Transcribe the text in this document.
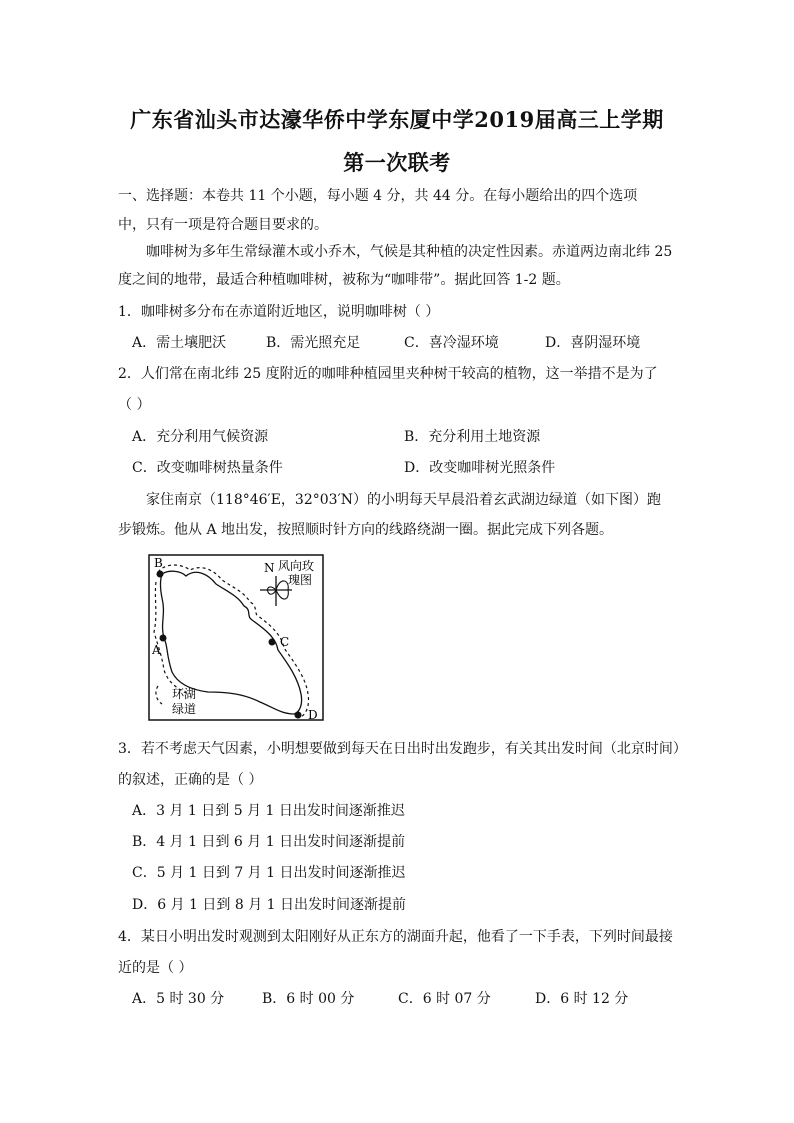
广东省汕头市达濠华侨中学东厦中学2019届高三上学期
第一次联考
一、选择题：本卷共 11 个小题，每小题 4 分，共 44 分。在每小题给出的四个选项
中，只有一项是符合题目要求的。
咖啡树为多年生常绿灌木或小乔木，气候是其种植的决定性因素。赤道两边南北纬 25
度之间的地带，最适合种植咖啡树，被称为“咖啡带”。据此回答 1-2 题。
1．咖啡树多分布在赤道附近地区，说明咖啡树（ ）
A．需土壤肥沃	B．需光照充足	C．喜冷湿环境	D．喜阴湿环境
2．人们常在南北纬 25 度附近的咖啡种植园里夹种树干较高的植物，这一举措不是为了
（ ）
A．充分利用气候资源	B．充分利用土地资源
C．改变咖啡树热量条件	D．改变咖啡树光照条件
家住南京（118°46′E，32°03′N）的小明每天早晨沿着玄武湖边绿道（如下图）跑
步锻炼。他从 A 地出发，按照顺时针方向的线路绕湖一圈。据此完成下列各题。
B
A
C
D
N 风向玫
瑰图
环湖
绿道
3．若不考虑天气因素，小明想要做到每天在日出时出发跑步，有关其出发时间（北京时间）
的叙述，正确的是（ ）
A．3 月 1 日到 5 月 1 日出发时间逐渐推迟
B．4 月 1 日到 6 月 1 日出发时间逐渐提前
C．5 月 1 日到 7 月 1 日出发时间逐渐推迟
D．6 月 1 日到 8 月 1 日出发时间逐渐提前
4．某日小明出发时观测到太阳刚好从正东方的湖面升起，他看了一下手表，下列时间最接
近的是（ ）
A．5 时 30 分	B．6 时 00 分	C．6 时 07 分	D．6 时 12 分
